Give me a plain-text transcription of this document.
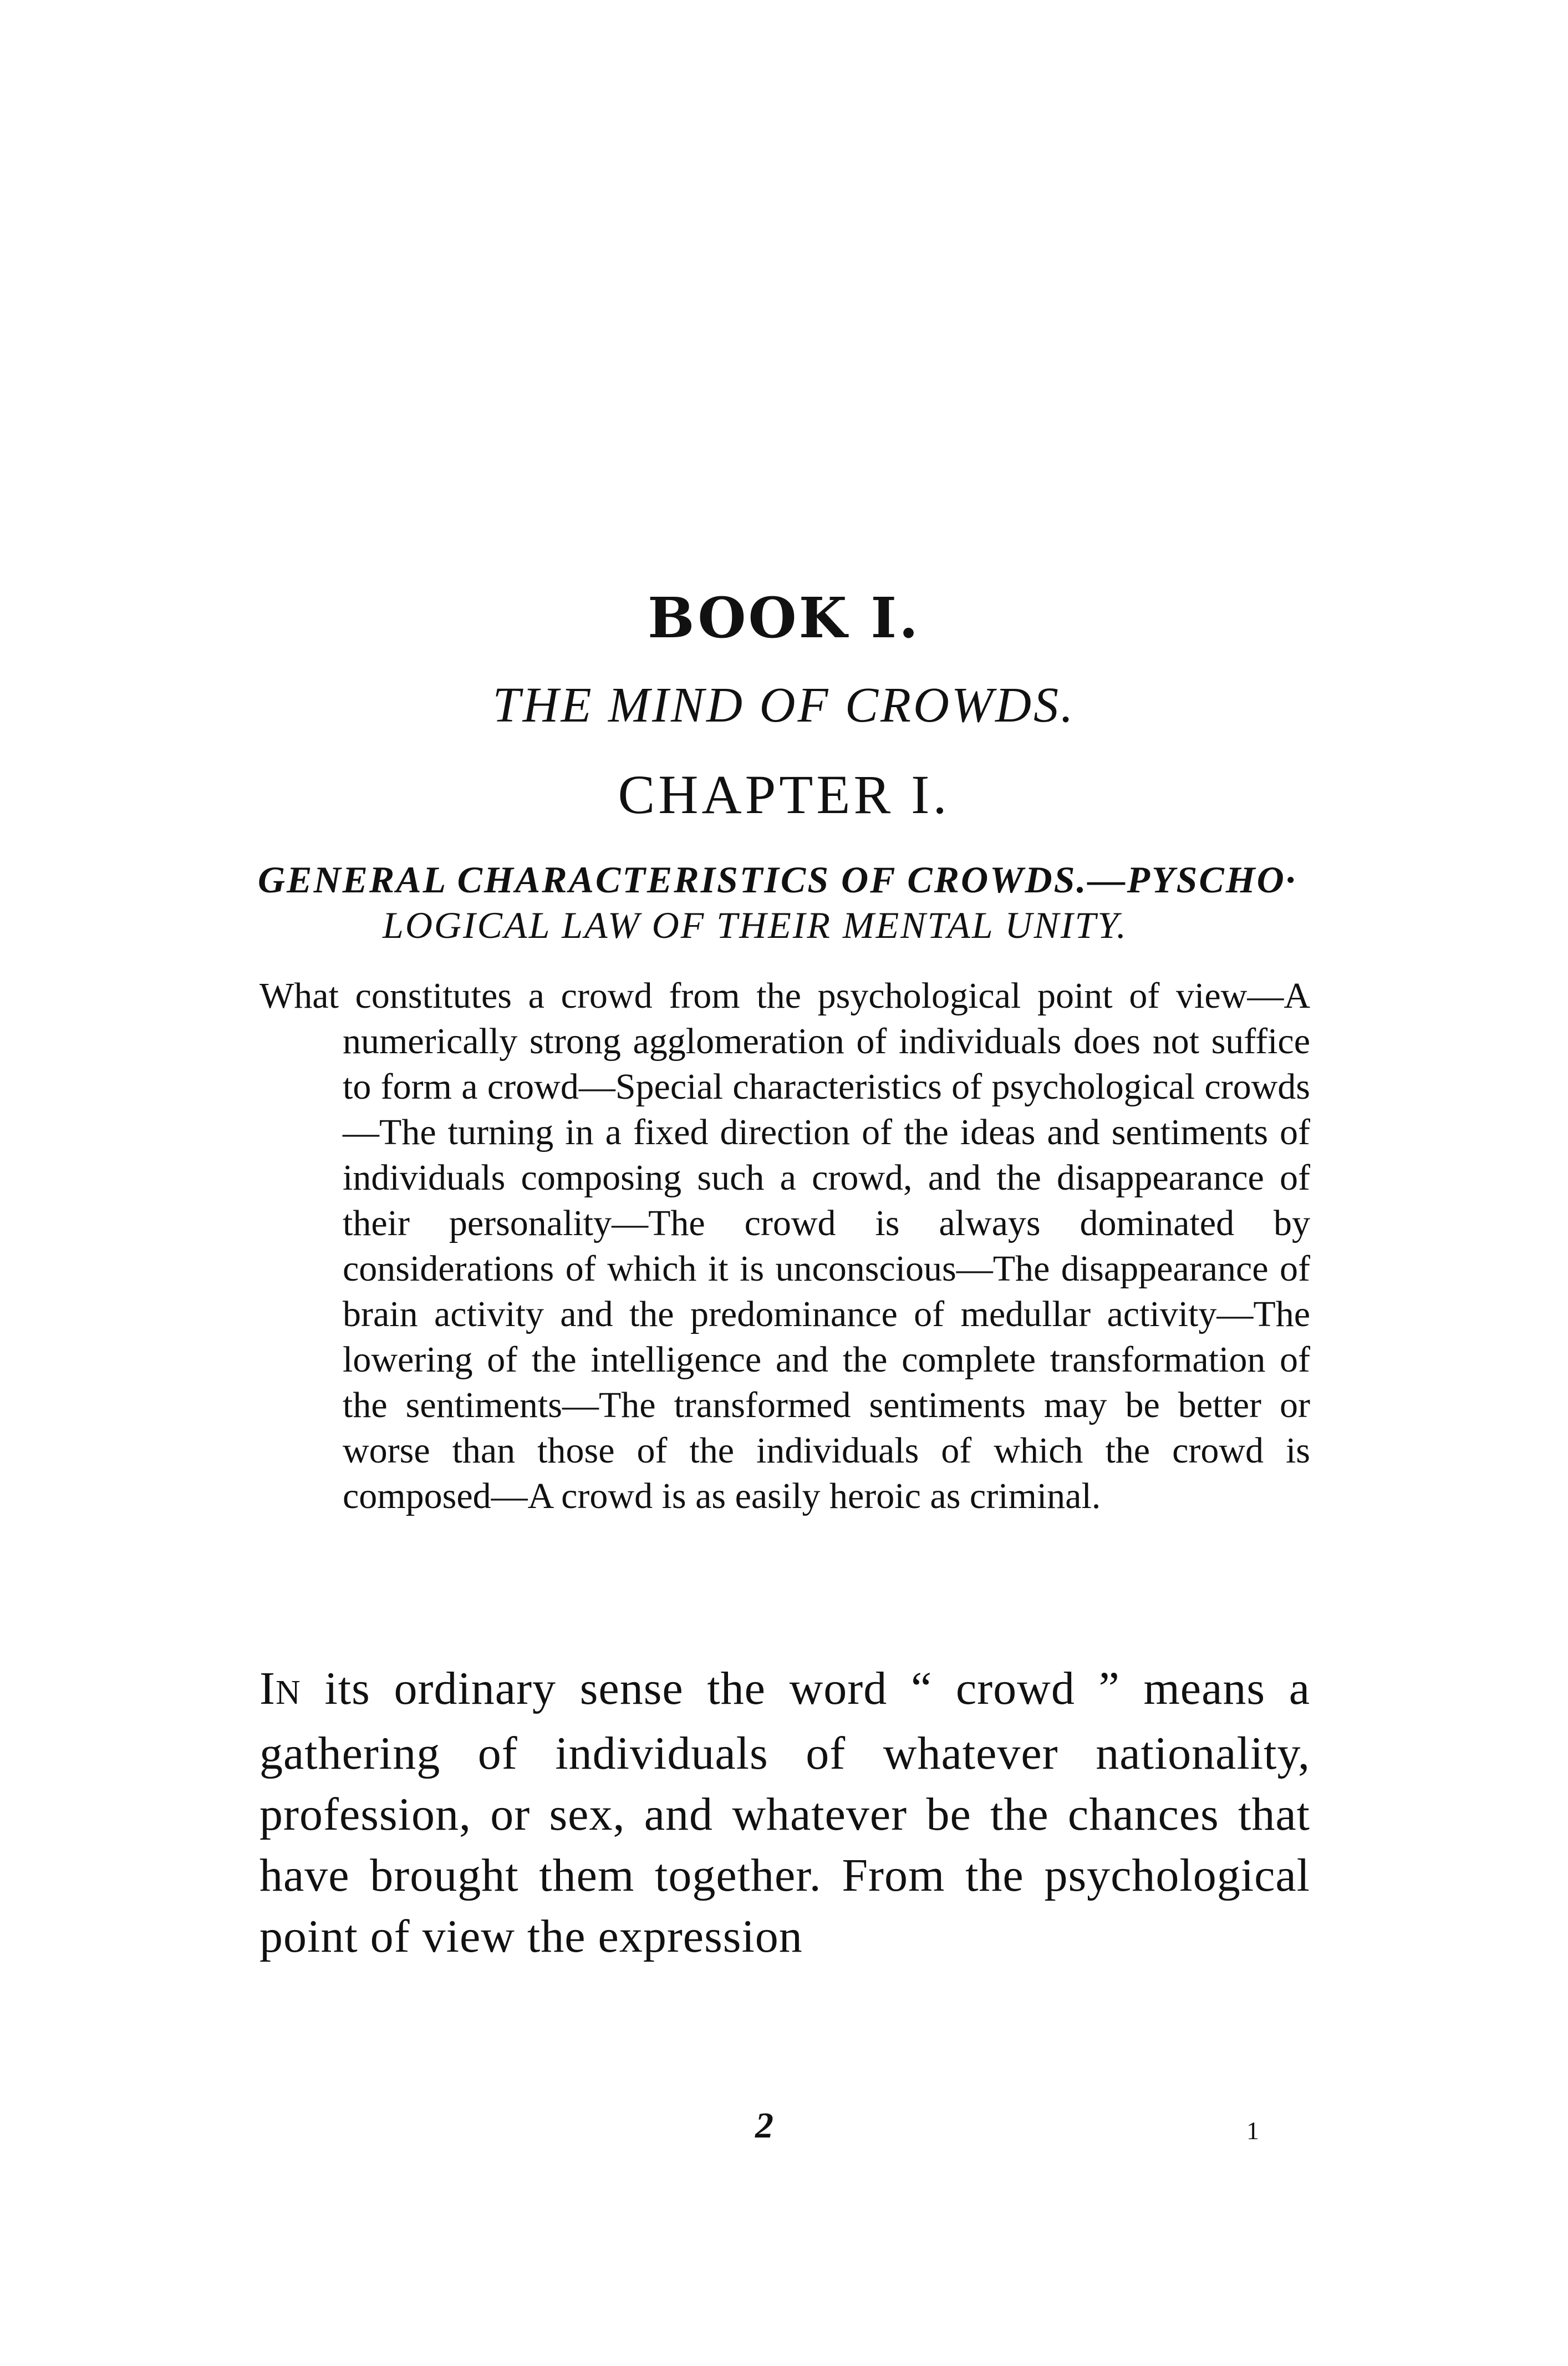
BOOK I.
THE MIND OF CROWDS.
CHAPTER I.
GENERAL CHARACTERISTICS OF CROWDS.—PYSCHO·
LOGICAL LAW OF THEIR MENTAL UNITY.
What constitutes a crowd from the psychological point of view—A numerically strong agglomeration of individuals does not suffice to form a crowd—Special characteristics of psychological crowds—The turning in a fixed direction of the ideas and sentiments of individuals composing such a crowd, and the disappearance of their personality—The crowd is always dominated by considerations of which it is unconscious—The disappearance of brain activity and the predominance of medullar activity—The lowering of the intelligence and the complete transformation of the sentiments—The transformed sentiments may be better or worse than those of the individuals of which the crowd is composed—A crowd is as easily heroic as criminal.
IN its ordinary sense the word “ crowd ” means a gathering of individuals of whatever nationality, profession, or sex, and whatever be the chances that have brought them together. From the psychological point of view the expression
2	1
